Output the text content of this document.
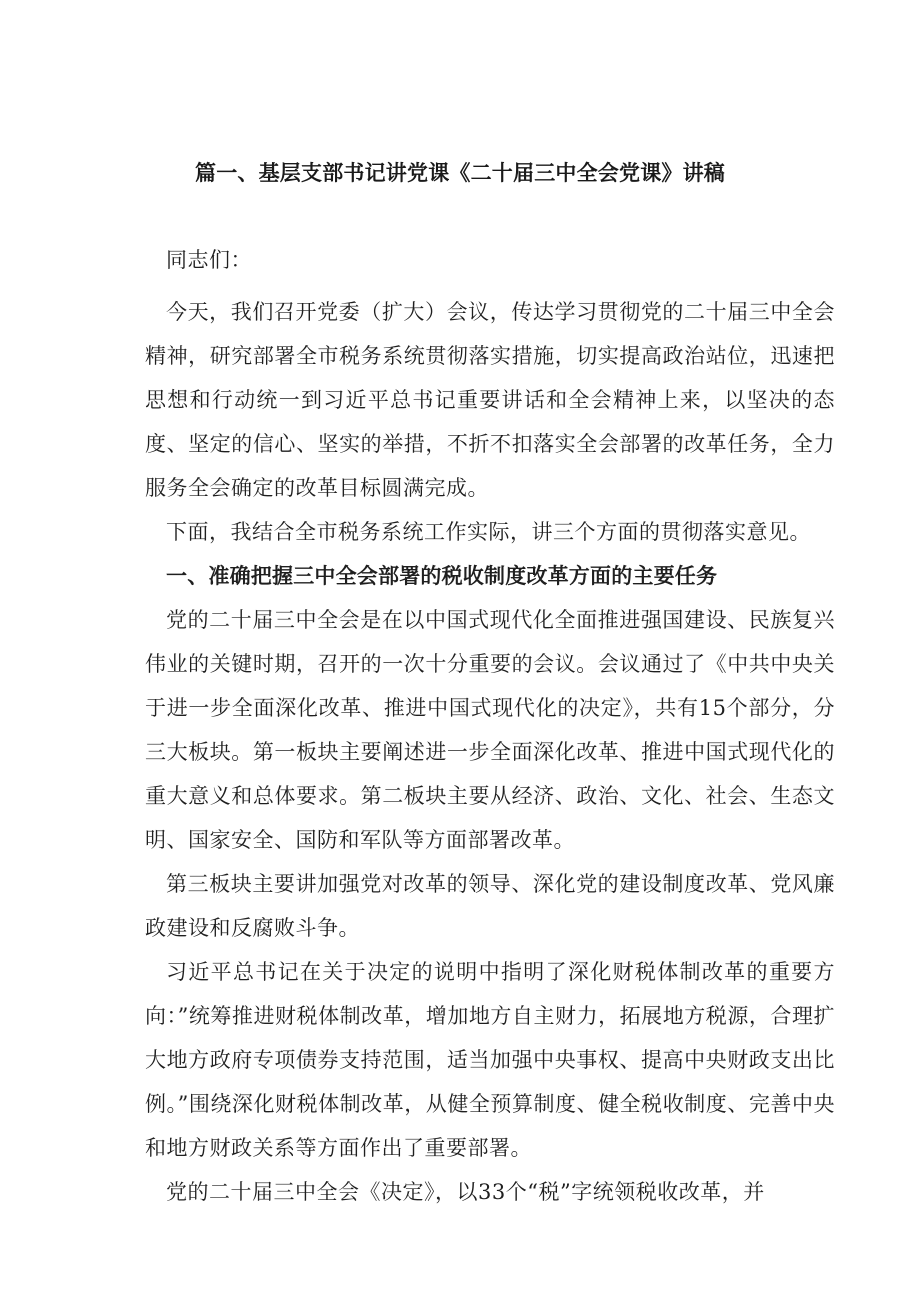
篇一、基层支部书记讲党课《二十届三中全会党课》讲稿

同志们：

今天，我们召开党委（扩大）会议，传达学习贯彻党的二十届三中全会精神，研究部署全市税务系统贯彻落实措施，切实提高政治站位，迅速把思想和行动统一到习近平总书记重要讲话和全会精神上来，以坚决的态度、坚定的信心、坚实的举措，不折不扣落实全会部署的改革任务，全力服务全会确定的改革目标圆满完成。

下面，我结合全市税务系统工作实际，讲三个方面的贯彻落实意见。

一、准确把握三中全会部署的税收制度改革方面的主要任务

党的二十届三中全会是在以中国式现代化全面推进强国建设、民族复兴伟业的关键时期，召开的一次十分重要的会议。会议通过了《中共中央关于进一步全面深化改革、推进中国式现代化的决定》，共有15个部分，分三大板块。第一板块主要阐述进一步全面深化改革、推进中国式现代化的重大意义和总体要求。第二板块主要从经济、政治、文化、社会、生态文明、国家安全、国防和军队等方面部署改革。

第三板块主要讲加强党对改革的领导、深化党的建设制度改革、党风廉政建设和反腐败斗争。

习近平总书记在关于决定的说明中指明了深化财税体制改革的重要方向：”统筹推进财税体制改革，增加地方自主财力，拓展地方税源，合理扩大地方政府专项债券支持范围，适当加强中央事权、提高中央财政支出比例。”围绕深化财税体制改革，从健全预算制度、健全税收制度、完善中央和地方财政关系等方面作出了重要部署。

党的二十届三中全会《决定》，以33个“税”字统领税收改革，并
